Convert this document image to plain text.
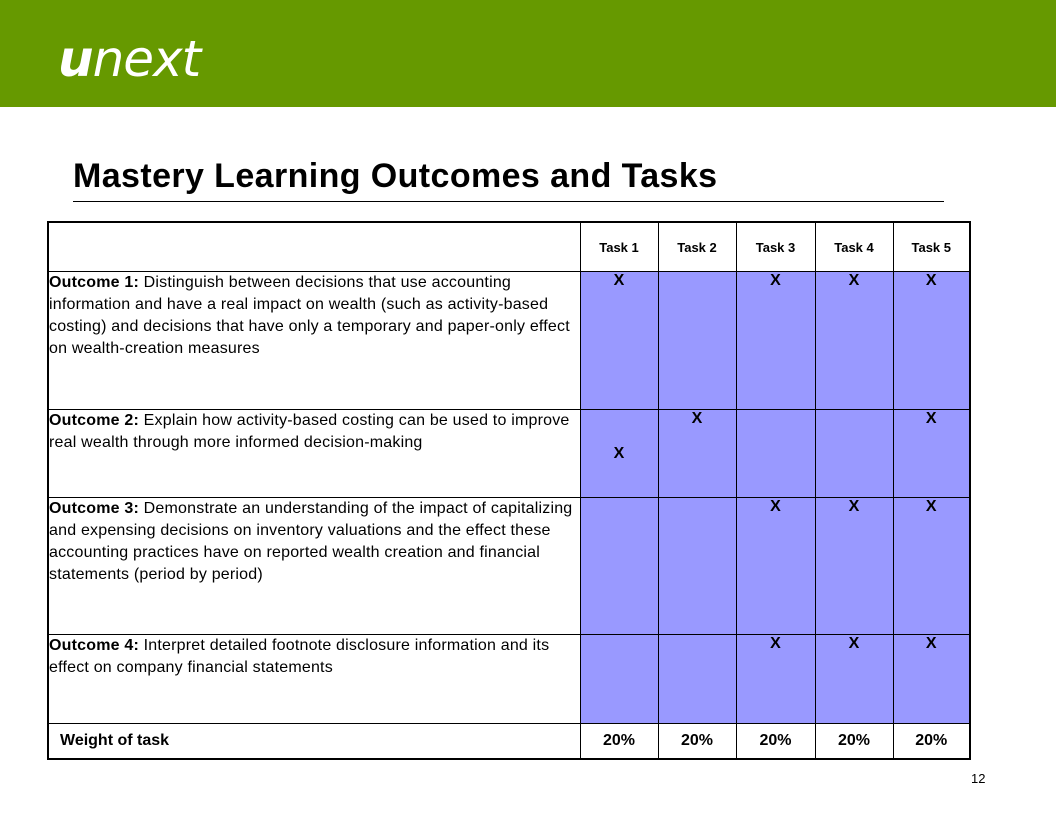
unext
Mastery Learning Outcomes and Tasks
	Task 1	Task 2	Task 3	Task 4	Task 5
Outcome 1: Distinguish between decisions that use accounting information and have a real impact on wealth (such as activity-based costing) and decisions that have only a temporary and paper-only effect on wealth-creation measures	X		X	X	X
Outcome 2: Explain how activity-based costing can be used to improve real wealth through more informed decision-making	X	X			X
Outcome 3: Demonstrate an understanding of the impact of capitalizing and expensing decisions on inventory valuations and the effect these accounting practices have on reported wealth creation and financial statements (period by period)			X	X	X
Outcome 4: Interpret detailed footnote disclosure information and its effect on company financial statements			X	X	X
Weight of task	20%	20%	20%	20%	20%
12
